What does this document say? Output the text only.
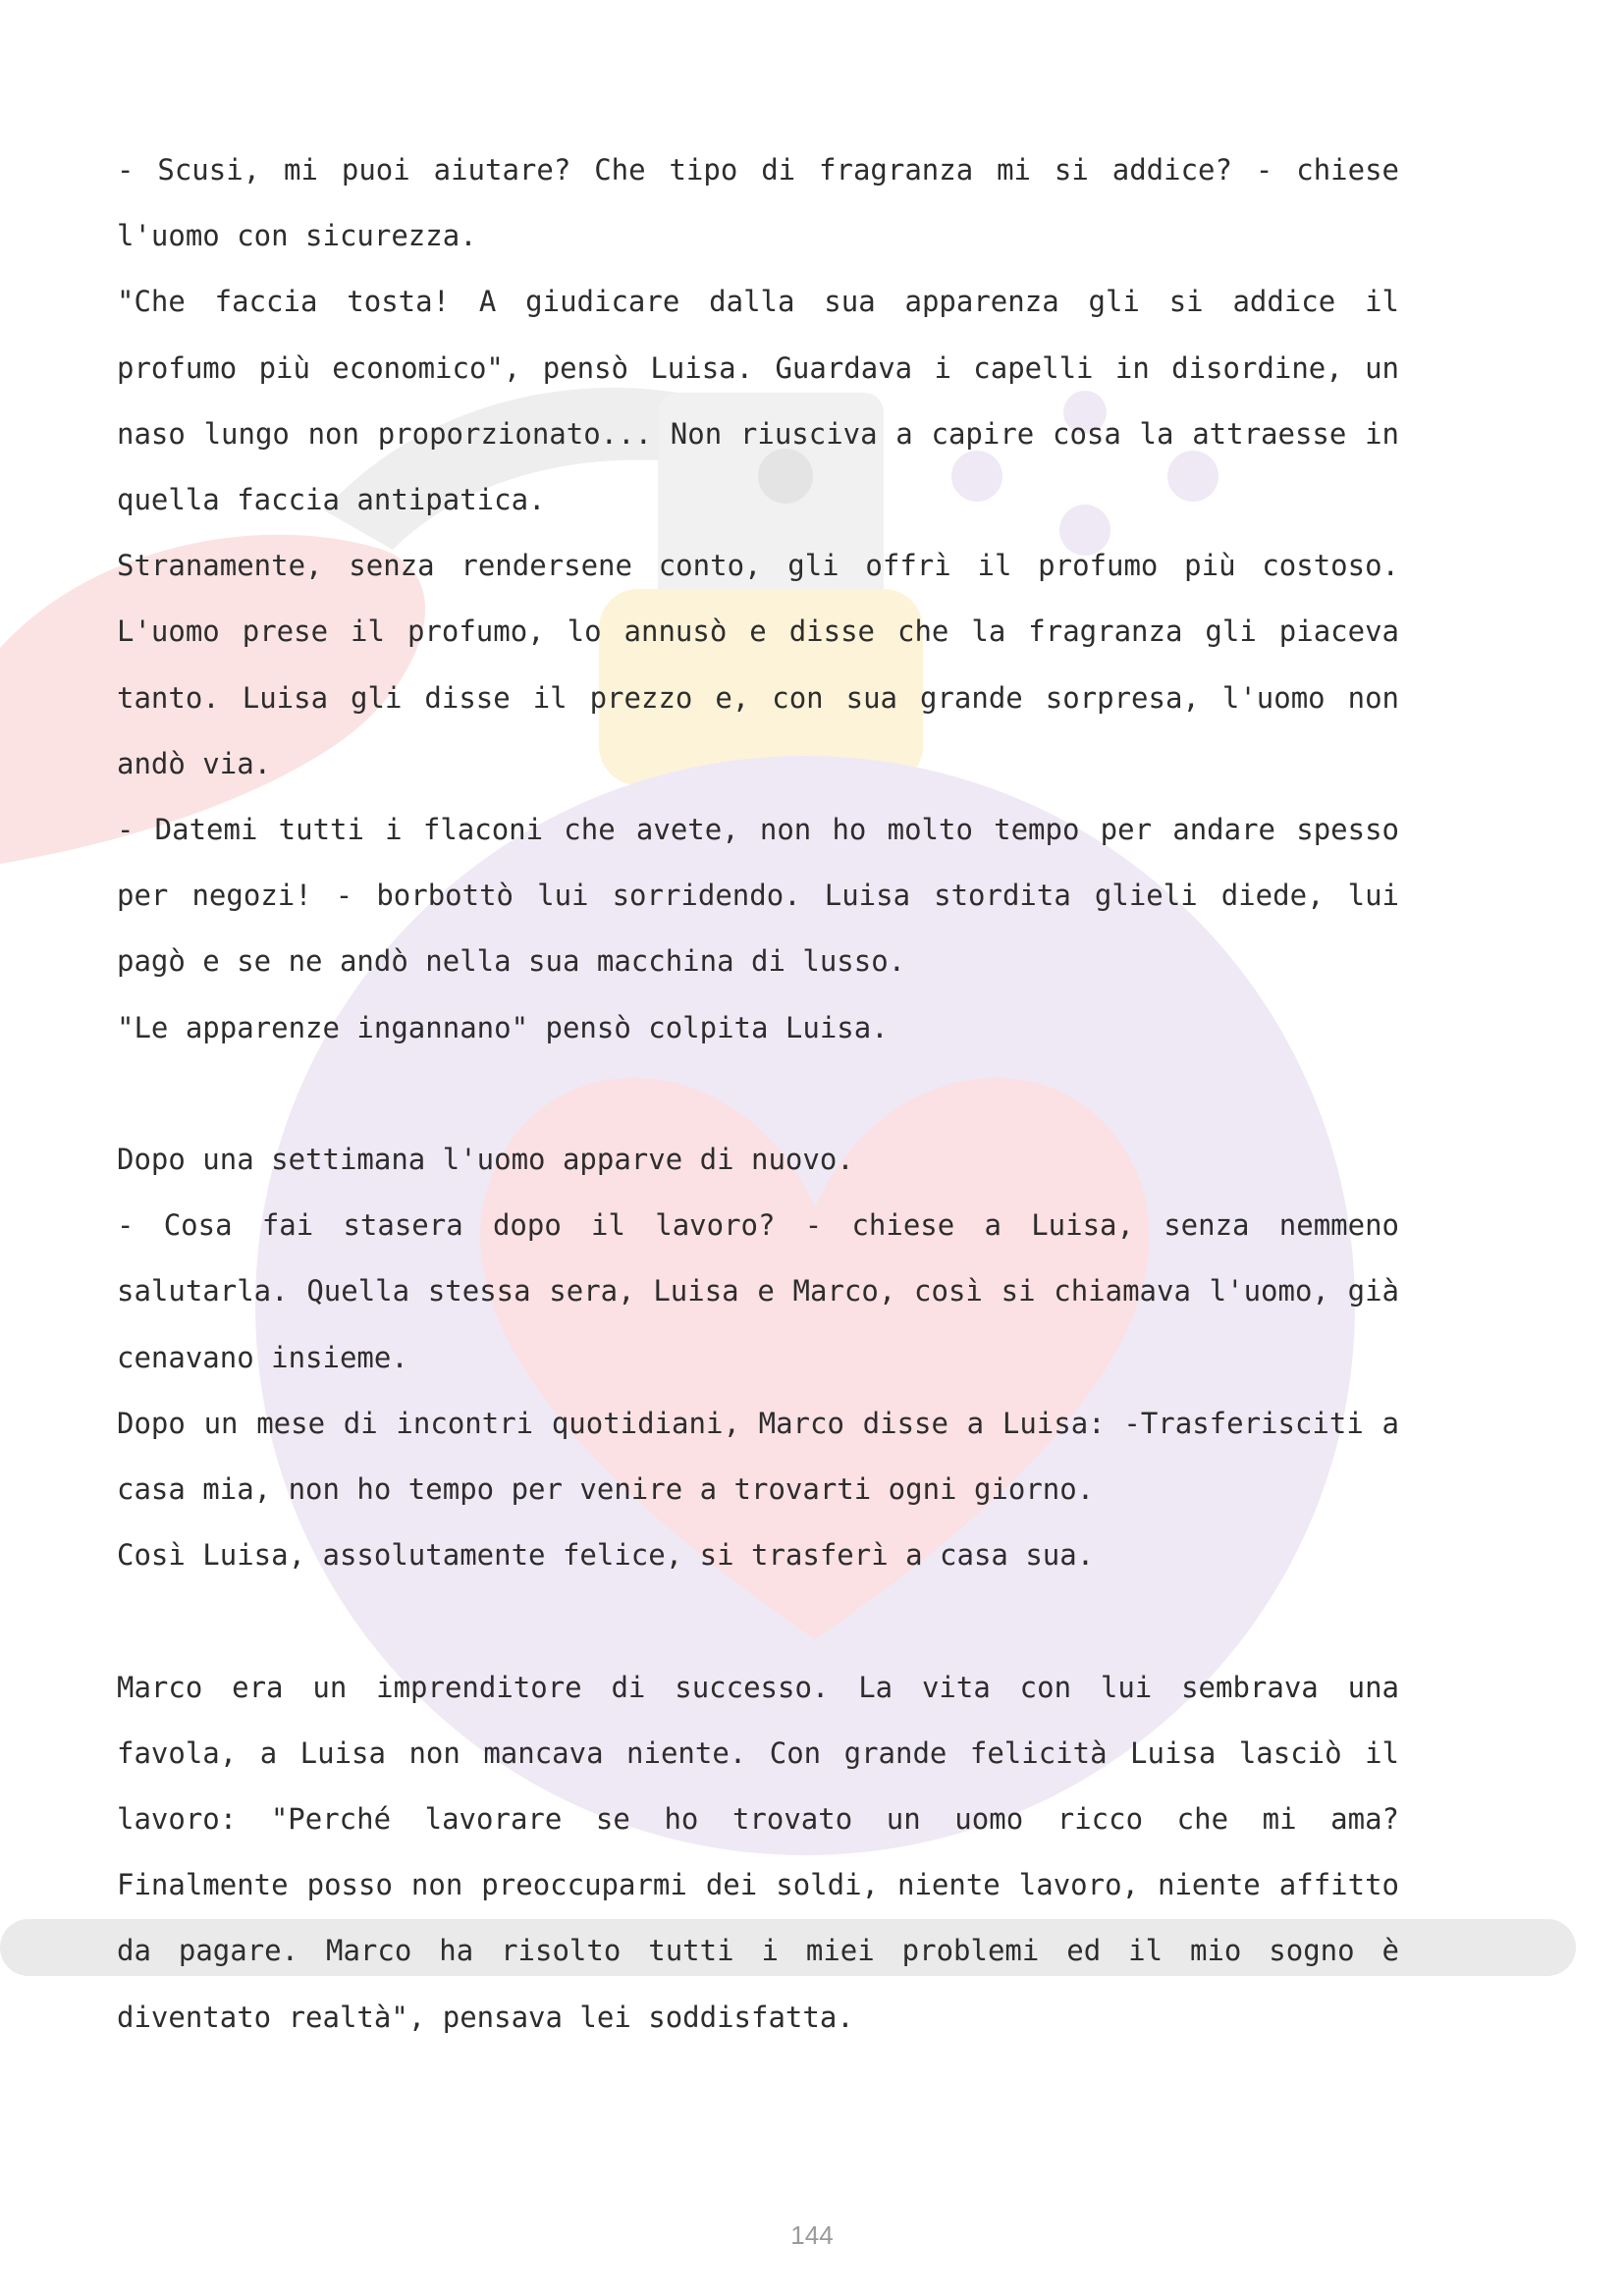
- Scusi, mi puoi aiutare? Che tipo di fragranza mi si addice? - chiese l'uomo con sicurezza.

"Che faccia tosta! A giudicare dalla sua apparenza gli si addice il profumo più economico", pensò Luisa. Guardava i capelli in disordine, un naso lungo non proporzionato... Non riusciva a capire cosa la attraesse in quella faccia antipatica.

Stranamente, senza rendersene conto, gli offrì il profumo più costoso. L'uomo prese il profumo, lo annusò e disse che la fragranza gli piaceva tanto. Luisa gli disse il prezzo e, con sua grande sorpresa, l'uomo non andò via.

- Datemi tutti i flaconi che avete, non ho molto tempo per andare spesso per negozi! - borbottò lui sorridendo. Luisa stordita glieli diede, lui pagò e se ne andò nella sua macchina di lusso.

"Le apparenze ingannano" pensò colpita Luisa.

Dopo una settimana l'uomo apparve di nuovo.

- Cosa fai stasera dopo il lavoro? - chiese a Luisa, senza nemmeno salutarla. Quella stessa sera, Luisa e Marco, così si chiamava l'uomo, già cenavano insieme.

Dopo un mese di incontri quotidiani, Marco disse a Luisa: -Trasferisciti a casa mia, non ho tempo per venire a trovarti ogni giorno.

Così Luisa, assolutamente felice, si trasferì a casa sua.

Marco era un imprenditore di successo. La vita con lui sembrava una favola, a Luisa non mancava niente. Con grande felicità Luisa lasciò il lavoro: "Perché lavorare se ho trovato un uomo ricco che mi ama? Finalmente posso non preoccuparmi dei soldi, niente lavoro, niente affitto da pagare. Marco ha risolto tutti i miei problemi ed il mio sogno è diventato realtà", pensava lei soddisfatta.

144
